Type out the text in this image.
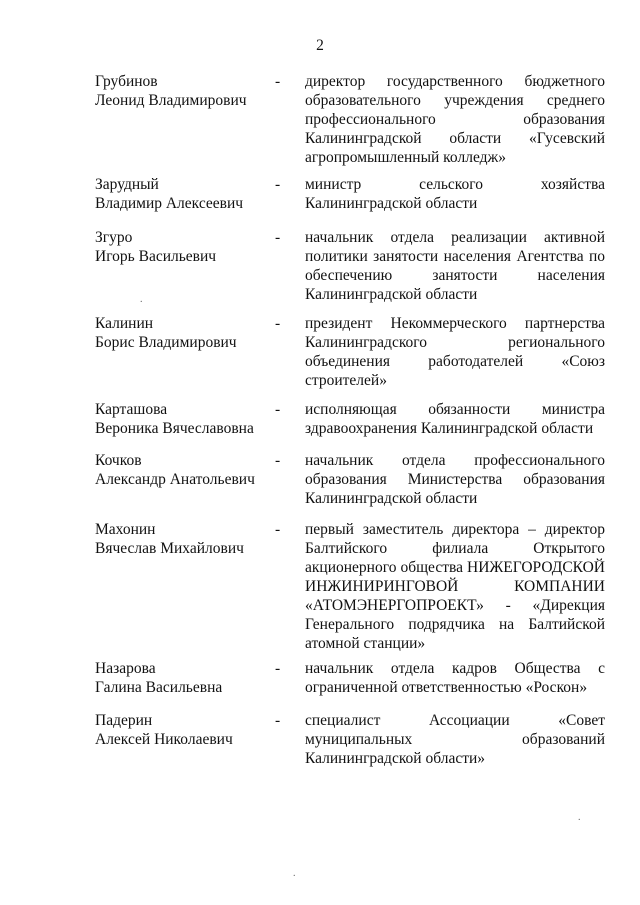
2
Грубинов
Леонид Владимирович
- директор государственного бюджетного
образовательного учреждения среднего
профессионального образования
Калининградской области «Гусевский
агропромышленный колледж»
Зарудный
Владимир Алексеевич
- министр сельского хозяйства
Калининградской области
Згуро
Игорь Васильевич
- начальник отдела реализации активной
политики занятости населения Агентства по
обеспечению занятости населения
Калининградской области
Калинин
Борис Владимирович
- президент Некоммерческого партнерства
Калининградского регионального
объединения работодателей «Союз
строителей»
Карташова
Вероника Вячеславовна
- исполняющая обязанности министра
здравоохранения Калининградской области
Кочков
Александр Анатольевич
- начальник отдела профессионального
образования Министерства образования
Калининградской области
Махонин
Вячеслав Михайлович
- первый заместитель директора – директор
Балтийского филиала Открытого
акционерного общества НИЖЕГОРОДСКОЙ
ИНЖИНИРИНГОВОЙ КОМПАНИИ
«АТОМЭНЕРГОПРОЕКТ» - «Дирекция
Генерального подрядчика на Балтийской
атомной станции»
Назарова
Галина Васильевна
- начальник отдела кадров Общества с
ограниченной ответственностью «Роскон»
Падерин
Алексей Николаевич
- специалист Ассоциации «Совет
муниципальных образований
Калининградской области»
.
.
.
